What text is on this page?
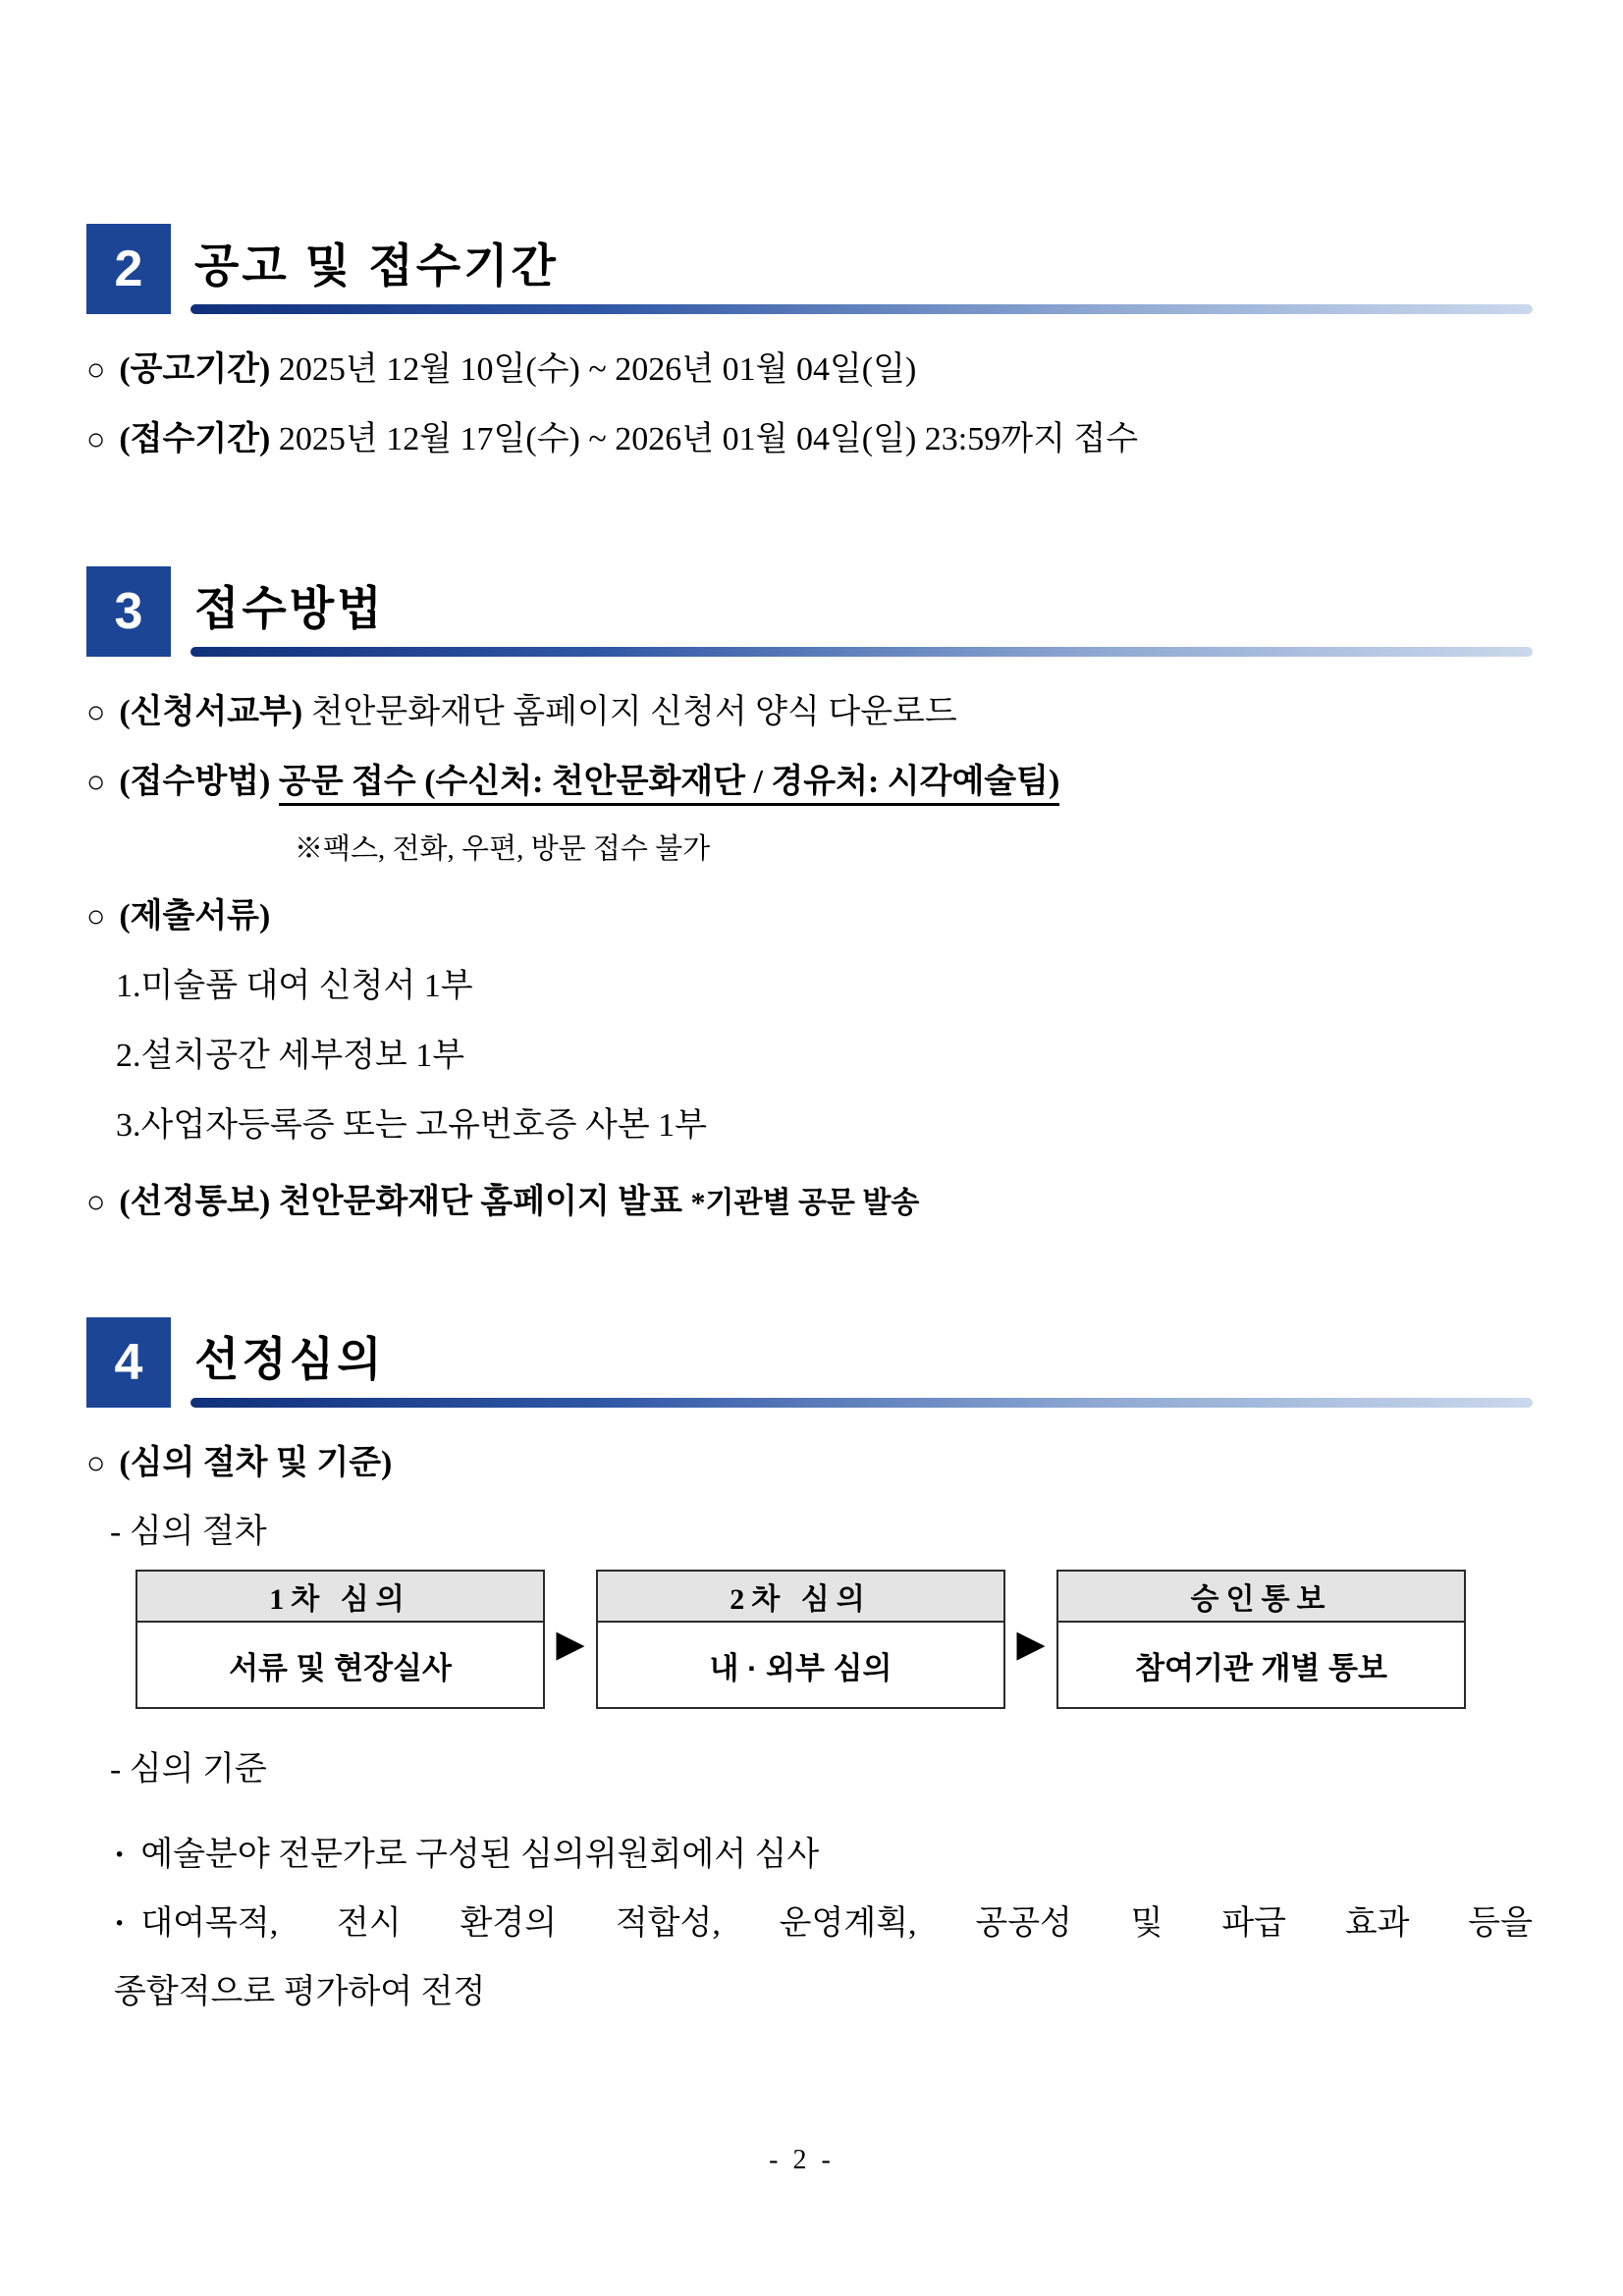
2	공고 및 접수기간
○ (공고기간) 2025년 12월 10일(수) ~ 2026년 01월 04일(일)
○ (접수기간) 2025년 12월 17일(수) ~ 2026년 01월 04일(일) 23:59까지 접수
3	접수방법
○ (신청서교부) 천안문화재단 홈페이지 신청서 양식 다운로드
○ (접수방법) 공문 접수 (수신처: 천안문화재단 / 경유처: 시각예술팀)
※팩스, 전화, 우편, 방문 접수 불가
○ (제출서류)
1.미술품 대여 신청서 1부
2.설치공간 세부정보 1부
3.사업자등록증 또는 고유번호증 사본 1부
○ (선정통보) 천안문화재단 홈페이지 발표 *기관별 공문 발송
4	선정심의
○ (심의 절차 및 기준)
- 심의 절차
1차 심의
서류 및 현장실사
▶
2차 심의
내 · 외부 심의
▶
승인통보
참여기관 개별 통보
- 심의 기준
· 예술분야 전문가로 구성된 심의위원회에서 심사
· 대여목적, 전시 환경의 적합성, 운영계획, 공공성 및 파급 효과 등을
종합적으로 평가하여 전정
- 2 -
